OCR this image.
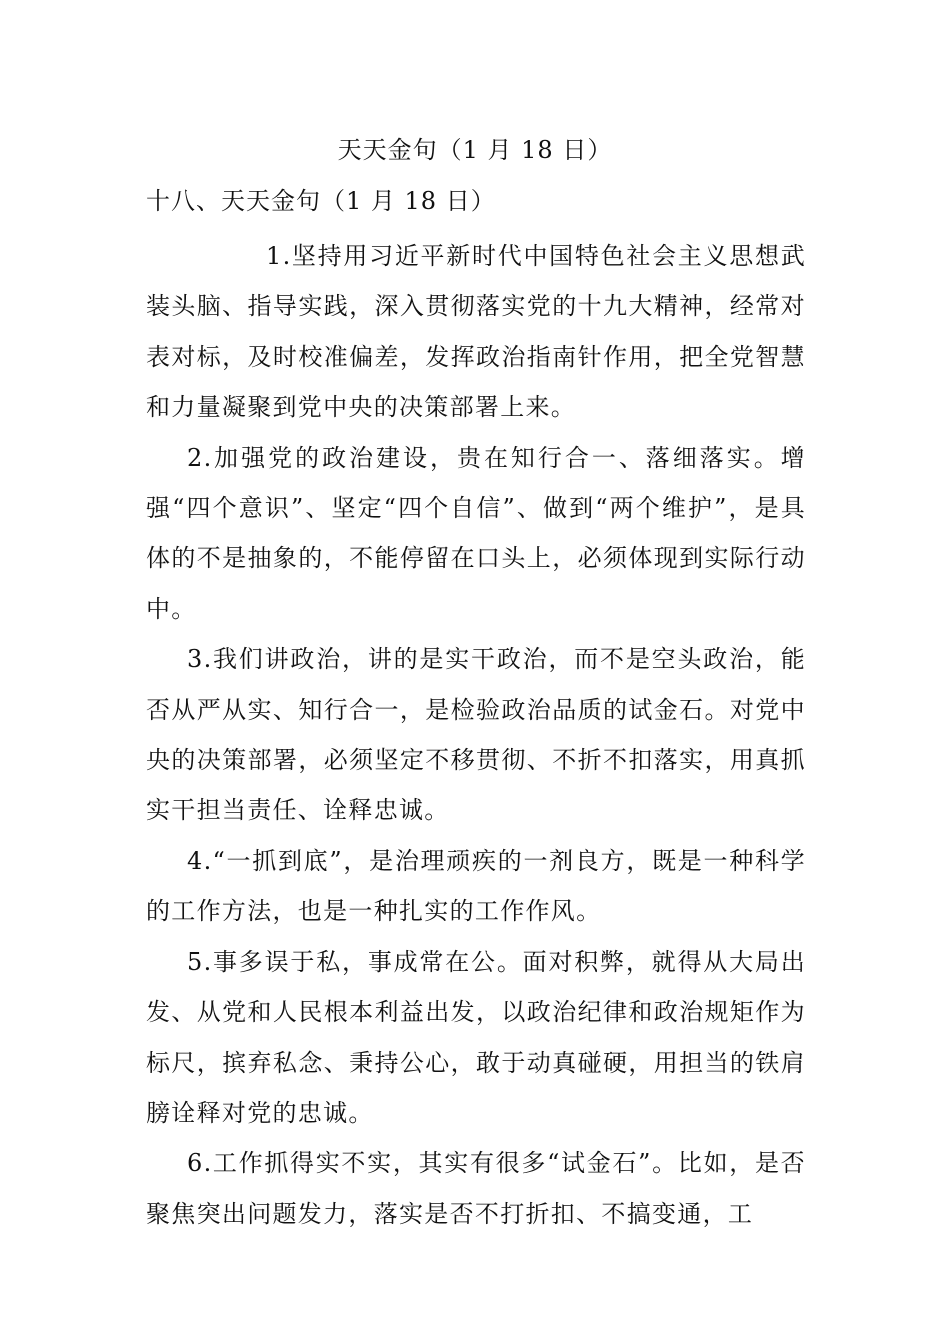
天天金句（1 月 18 日）
十八、天天金句（1 月 18 日）

1.坚持用习近平新时代中国特色社会主义思想武装头脑、指导实践，深入贯彻落实党的十九大精神，经常对表对标，及时校准偏差，发挥政治指南针作用，把全党智慧和力量凝聚到党中央的决策部署上来。

2.加强党的政治建设，贵在知行合一、落细落实。增强“四个意识”、坚定“四个自信”、做到“两个维护”，是具体的不是抽象的，不能停留在口头上，必须体现到实际行动中。

3.我们讲政治，讲的是实干政治，而不是空头政治，能否从严从实、知行合一，是检验政治品质的试金石。对党中央的决策部署，必须坚定不移贯彻、不折不扣落实，用真抓实干担当责任、诠释忠诚。

4.“一抓到底”，是治理顽疾的一剂良方，既是一种科学的工作方法，也是一种扎实的工作作风。

5.事多误于私，事成常在公。面对积弊，就得从大局出发、从党和人民根本利益出发，以政治纪律和政治规矩作为标尺，摈弃私念、秉持公心，敢于动真碰硬，用担当的铁肩膀诠释对党的忠诚。

6.工作抓得实不实，其实有很多“试金石”。比如，是否聚焦突出问题发力，落实是否不打折扣、不搞变通，工
